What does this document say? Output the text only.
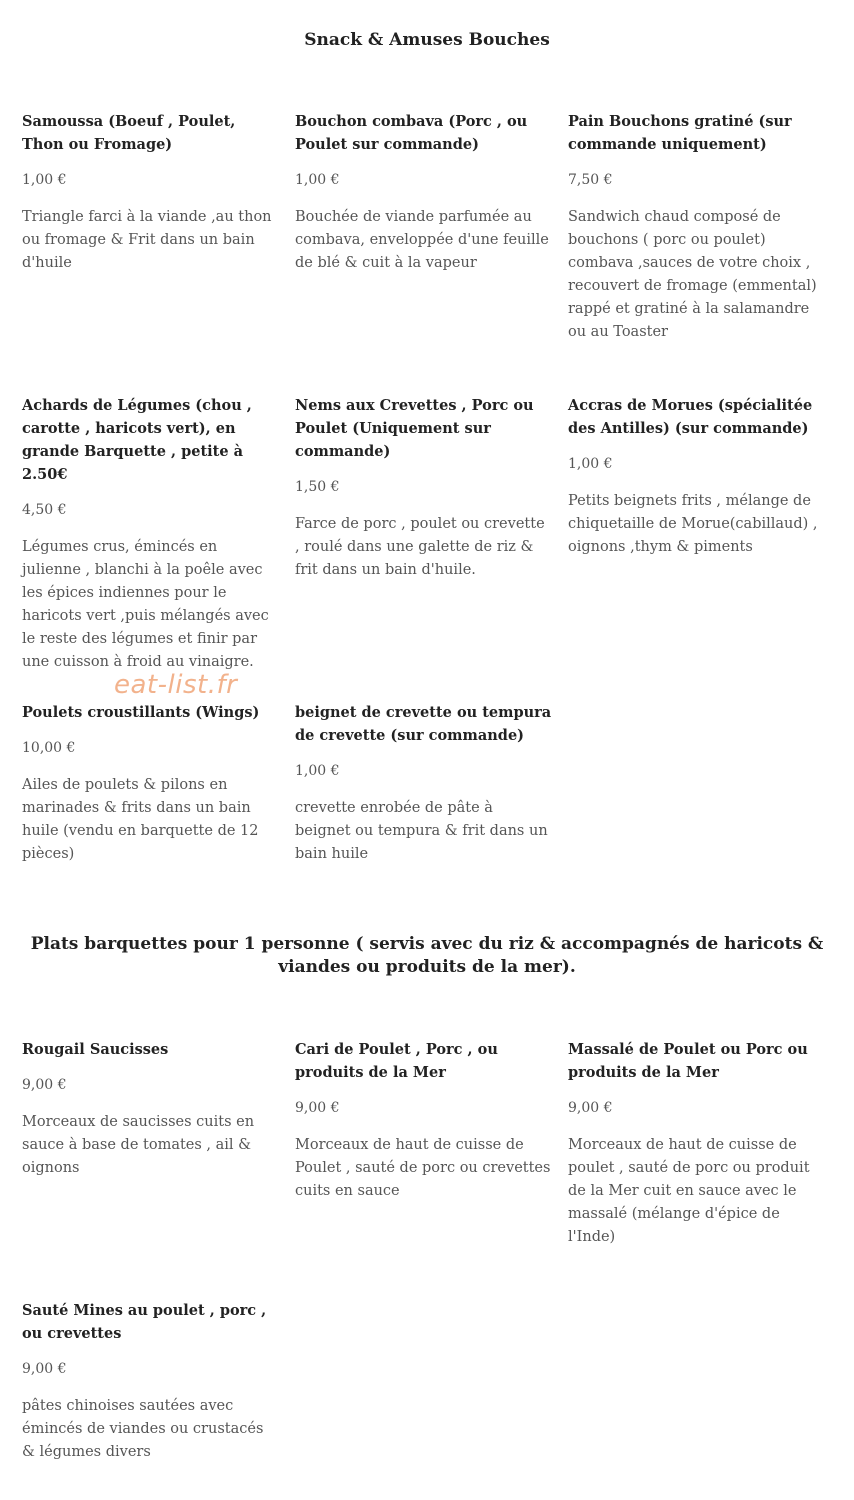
Snack & Amuses Bouches

Samoussa (Boeuf , Poulet, Thon ou Fromage)

1,00 €

Triangle farci à la viande ,au thon ou fromage & Frit dans un bain d'huile

Bouchon combava (Porc , ou Poulet sur commande)

1,00 €

Bouchée de viande parfumée au combava, enveloppée d'une feuille de blé & cuit à la vapeur

Pain Bouchons gratiné (sur commande uniquement)

7,50 €

Sandwich chaud composé de bouchons ( porc ou poulet) combava ,sauces de votre choix , recouvert de fromage (emmental) rappé et gratiné à la salamandre ou au Toaster

Achards de Légumes (chou , carotte , haricots vert), en grande Barquette , petite à 2.50€

4,50 €

Légumes crus, émincés en julienne , blanchi à la poêle avec les épices indiennes pour le haricots vert ,puis mélangés avec le reste des légumes et finir par une cuisson à froid au vinaigre.

Nems aux Crevettes , Porc ou Poulet (Uniquement sur commande)

1,50 €

Farce de porc , poulet ou crevette , roulé dans une galette de riz & frit dans un bain d'huile.

Accras de Morues (spécialitée des Antilles) (sur commande)

1,00 €

Petits beignets frits , mélange de chiquetaille de Morue(cabillaud) , oignons ,thym & piments

Poulets croustillants (Wings)

10,00 €

Ailes de poulets & pilons en marinades & frits dans un bain huile (vendu en barquette de 12 pièces)

beignet de crevette ou tempura de crevette (sur commande)

1,00 €

crevette enrobée de pâte à beignet ou tempura & frit dans un bain huile

eat-list.fr
Plats barquettes pour 1 personne ( servis avec du riz & accompagnés de haricots & viandes ou produits de la mer).

Rougail Saucisses

9,00 €

Morceaux de saucisses cuits en sauce à base de tomates , ail & oignons

Cari de Poulet , Porc , ou produits de la Mer

9,00 €

Morceaux de haut de cuisse de Poulet , sauté de porc ou crevettes cuits en sauce

Massalé de Poulet ou Porc ou produits de la Mer

9,00 €

Morceaux de haut de cuisse de poulet , sauté de porc ou produit de la Mer cuit en sauce avec le massalé (mélange d'épice de l'Inde)

Sauté Mines au poulet , porc , ou crevettes

9,00 €

pâtes chinoises sautées avec émincés de viandes ou crustacés & légumes divers
